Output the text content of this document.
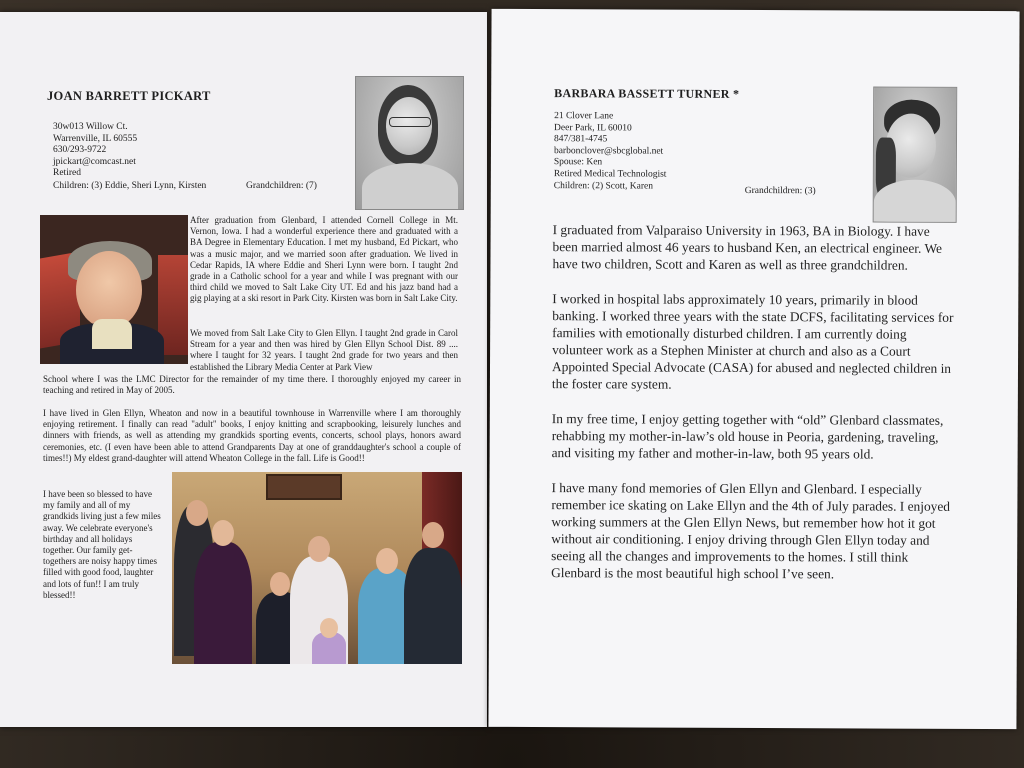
JOAN BARRETT PICKART
30w013 Willow Ct.
Warrenville, IL 60555
630/293-9722
jpickart@comcast.net
Retired
Children: (3) Eddie, Sheri Lynn, Kirsten	Grandchildren: (7)
After graduation from Glenbard, I attended Cornell College in Mt. Vernon, Iowa. I had a wonderful experience there and graduated with a BA Degree in Elementary Education. I met my husband, Ed Pickart, who was a music major, and we married soon after graduation. We lived in Cedar Rapids, IA where Eddie and Sheri Lynn were born. I taught 2nd grade in a Catholic school for a year and while I was pregnant with our third child we moved to Salt Lake City UT. Ed and his jazz band had a gig playing at a ski resort in Park City. Kirsten was born in Salt Lake City.
We moved from Salt Lake City to Glen Ellyn. I taught 2nd grade in Carol Stream for a year and then was hired by Glen Ellyn School Dist. 89 .... where I taught for 32 years. I taught 2nd grade for two years and then established the Library Media Center at Park View
School where I was the LMC Director for the remainder of my time there. I thoroughly enjoyed my career in teaching and retired in May of 2005.
I have lived in Glen Ellyn, Wheaton and now in a beautiful townhouse in Warrenville where I am thoroughly enjoying retirement. I finally can read "adult" books, I enjoy knitting and scrapbooking, leisurely lunches and dinners with friends, as well as attending my grandkids sporting events, concerts, school plays, honors award ceremonies, etc. (I even have been able to attend Grandparents Day at one of granddaughter's school a couple of times!!) My eldest grand-daughter will attend Wheaton College in the fall. Life is Good!!
I have been so blessed to have my family and all of my grandkids living just a few miles away. We celebrate everyone's birthday and all holidays together. Our family get-togethers are noisy happy times filled with good food, laughter and lots of fun!! I am truly blessed!!
BARBARA BASSETT TURNER *
21 Clover Lane
Deer Park, IL 60010
847/381-4745
barbonclover@sbcglobal.net
Spouse: Ken
Retired Medical Technologist
Children: (2) Scott, Karen	Grandchildren: (3)

I graduated from Valparaiso University in 1963, BA in Biology. I have been married almost 46 years to husband Ken, an electrical engineer. We have two children, Scott and Karen as well as three grandchildren.

I worked in hospital labs approximately 10 years, primarily in blood banking. I worked three years with the state DCFS, facilitating services for families with emotionally disturbed children. I am currently doing volunteer work as a Stephen Minister at church and also as a Court Appointed Special Advocate (CASA) for abused and neglected children in the foster care system.

In my free time, I enjoy getting together with “old” Glenbard classmates, rehabbing my mother-in-law’s old house in Peoria, gardening, traveling, and visiting my father and mother-in-law, both 95 years old.

I have many fond memories of Glen Ellyn and Glenbard. I especially remember ice skating on Lake Ellyn and the 4th of July parades. I enjoyed working summers at the Glen Ellyn News, but remember how hot it got without air conditioning. I enjoy driving through Glen Ellyn today and seeing all the changes and improvements to the homes. I still think Glenbard is the most beautiful high school I’ve seen.
